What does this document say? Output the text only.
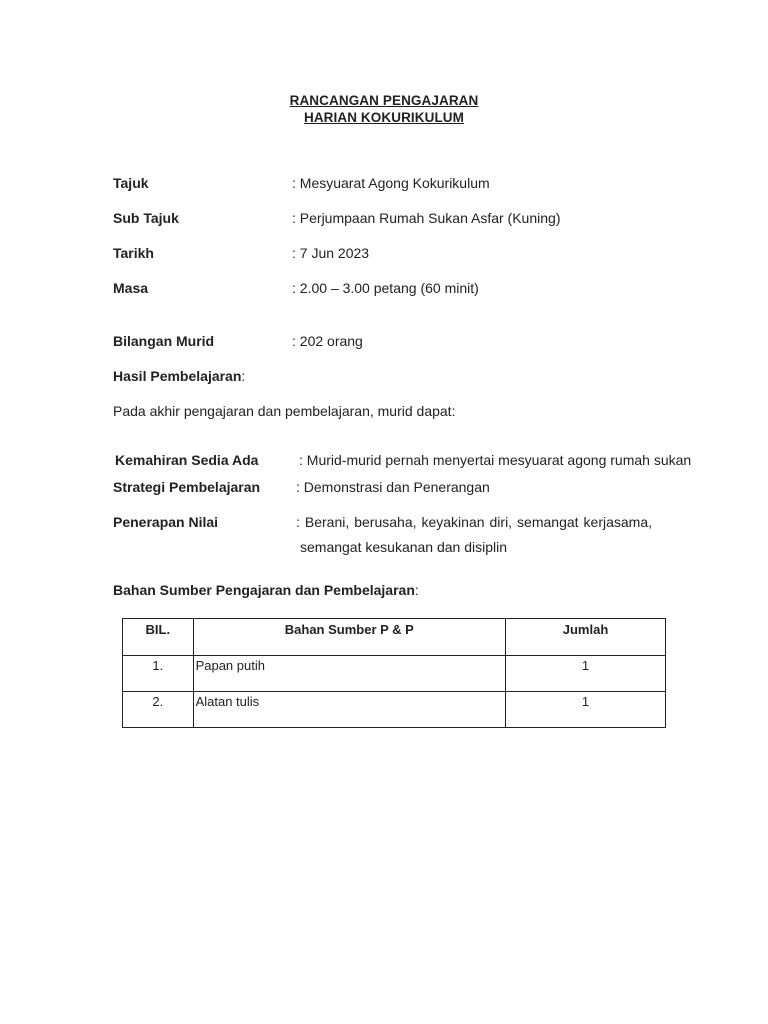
RANCANGAN PENGAJARAN
HARIAN KOKURIKULUM
Tajuk	: Mesyuarat Agong Kokurikulum
Sub Tajuk	: Perjumpaan Rumah Sukan Asfar (Kuning)
Tarikh	: 7 Jun 2023
Masa	: 2.00 – 3.00 petang (60 minit)
Bilangan Murid	: 202 orang
Hasil Pembelajaran:
Pada akhir pengajaran dan pembelajaran, murid dapat:
Kemahiran Sedia Ada	: Murid-murid pernah menyertai mesyuarat agong rumah sukan
Strategi Pembelajaran	: Demonstrasi dan Penerangan
Penerapan Nilai	: Berani, berusaha, keyakinan diri, semangat kerjasama,
semangat kesukanan dan disiplin
Bahan Sumber Pengajaran dan Pembelajaran:
BIL.	Bahan Sumber P & P	Jumlah
1.	Papan putih	1
2.	Alatan tulis	1
